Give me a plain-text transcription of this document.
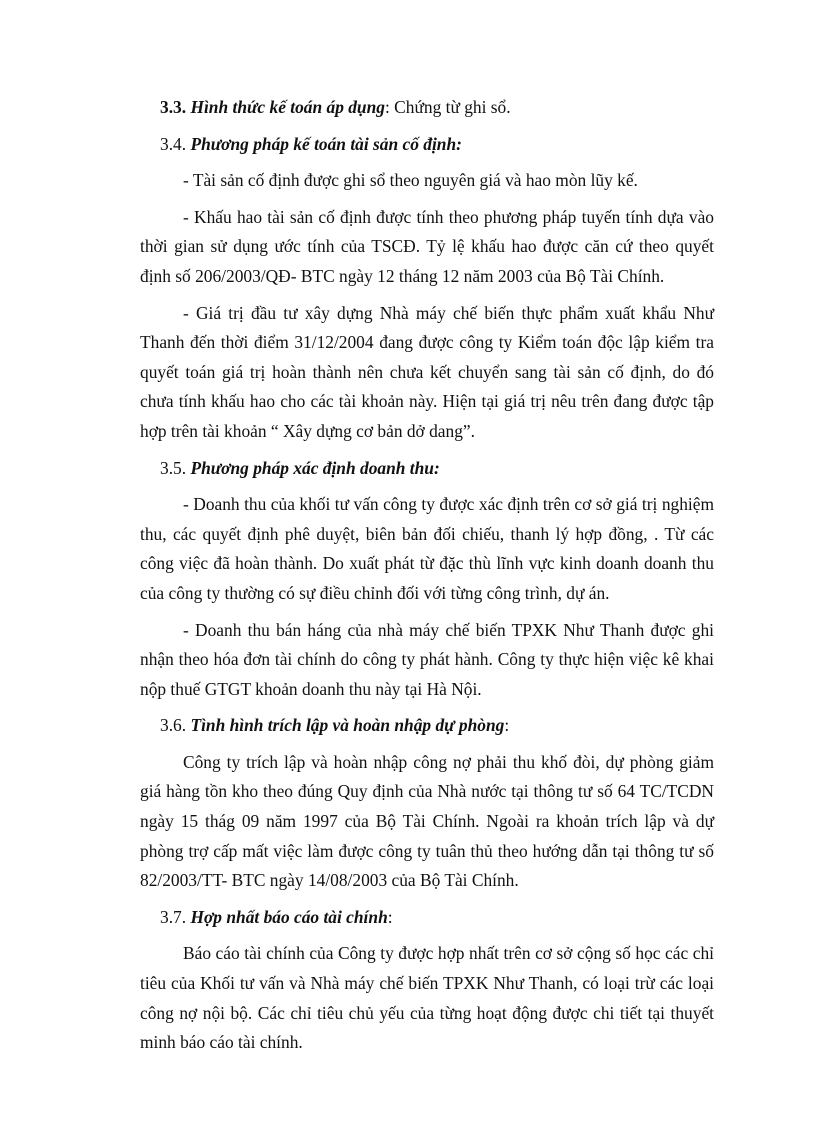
3.3. Hình thức kế toán áp dụng: Chứng từ ghi sổ.

3.4. Phương pháp kế toán tài sản cố định:

- Tài sản cố định được ghi sổ theo nguyên giá và hao mòn lũy kế.

- Khấu hao tài sản cố định được tính theo phương pháp tuyến tính dựa vào thời gian sử dụng ước tính của TSCĐ. Tỷ lệ khấu hao được căn cứ theo quyết định số 206/2003/QĐ- BTC ngày 12 tháng 12 năm 2003 của Bộ Tài Chính.

- Giá trị đầu tư xây dựng Nhà máy chế biến thực phẩm xuất khẩu Như Thanh đến thời điểm 31/12/2004 đang được công ty Kiểm toán độc lập kiểm tra quyết toán giá trị hoàn thành nên chưa kết chuyển sang tài sản cố định, do đó chưa tính khấu hao cho các tài khoản này. Hiện tại giá trị nêu trên đang được tập hợp trên tài khoản “ Xây dựng cơ bản dở dang”.

3.5. Phương pháp xác định doanh thu:

- Doanh thu của khối tư vấn công ty được xác định trên cơ sở giá trị nghiệm thu, các quyết định phê duyệt, biên bản đối chiếu, thanh lý hợp đồng, . Từ các công việc đã hoàn thành. Do xuất phát từ đặc thù lĩnh vực kinh doanh doanh thu của công ty thường có sự điều chỉnh đối với từng công trình, dự án.

- Doanh thu bán háng của nhà máy chế biến TPXK Như Thanh được ghi nhận theo hóa đơn tài chính do công ty phát hành. Công ty thực hiện việc kê khai nộp thuế GTGT khoản doanh thu này tại Hà Nội.

3.6. Tình hình trích lập và hoàn nhập dự phòng:

Công ty trích lập và hoàn nhập công nợ phải thu khố đòi, dự phòng giảm giá hàng tồn kho theo đúng Quy định của Nhà nước tại thông tư số 64 TC/TCDN ngày 15 thág 09 năm 1997 của Bộ Tài Chính. Ngoài ra khoản trích lập và dự phòng trợ cấp mất việc làm được công ty tuân thủ theo hướng dẫn tại thông tư số 82/2003/TT- BTC ngày 14/08/2003 của Bộ Tài Chính.

3.7. Hợp nhất báo cáo tài chính:

Báo cáo tài chính của Công ty được hợp nhất trên cơ sở cộng số học các chỉ tiêu của Khối tư vấn và Nhà máy chế biến TPXK Như Thanh, có loại trừ các loại công nợ nội bộ. Các chỉ tiêu chủ yếu của từng hoạt động được chi tiết tại thuyết minh báo cáo tài chính.
